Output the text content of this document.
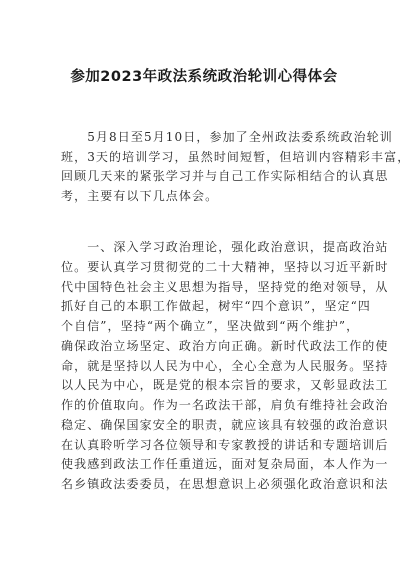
参加2023年政法系统政治轮训心得体会
　　5月8日至5月10日，参加了全州政法委系统政治轮训
班，3天的培训学习，虽然时间短暂，但培训内容精彩丰富，
回顾几天来的紧张学习并与自己工作实际相结合的认真思
考，主要有以下几点体会。
　　一、深入学习政治理论，强化政治意识，提高政治站
位。要认真学习贯彻党的二十大精神，坚持以习近平新时
代中国特色社会主义思想为指导，坚持党的绝对领导，从
抓好自己的本职工作做起，树牢“四个意识”，坚定“四
个自信”，坚持“两个确立”，坚决做到“两个维护”，
确保政治立场坚定、政治方向正确。新时代政法工作的使
命，就是坚持以人民为中心，全心全意为人民服务。坚持
以人民为中心，既是党的根本宗旨的要求，又彰显政法工
作的价值取向。作为一名政法干部，肩负有维持社会政治
稳定、确保国家安全的职责，就应该具有较强的政治意识
在认真聆听学习各位领导和专家教授的讲话和专题培训后
使我感到政法工作任重道远，面对复杂局面，本人作为一
名乡镇政法委委员，在思想意识上必须强化政治意识和法
